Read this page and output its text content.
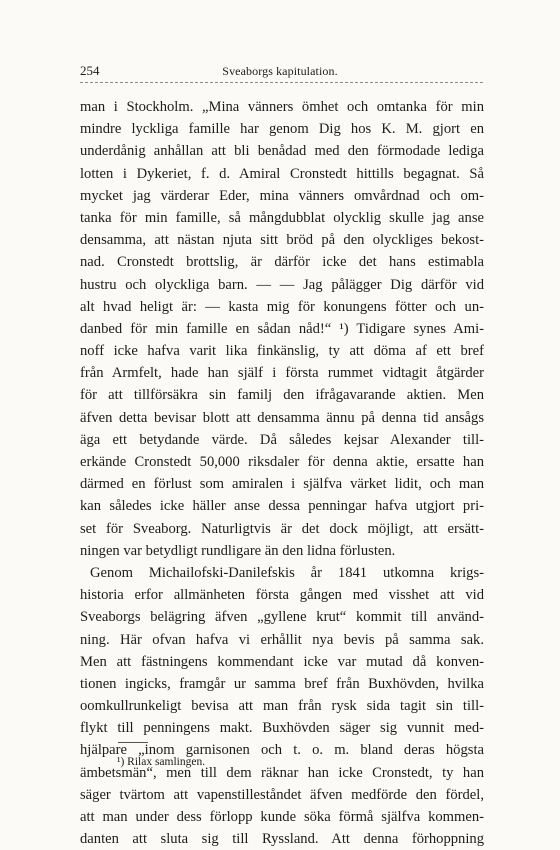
254	Sveaborgs kapitulation.
man i Stockholm. „Mina vänners ömhet och omtanka för min
mindre lyckliga famille har genom Dig hos K. M. gjort en
underdånig anhållan att bli benådad med den förmodade lediga
lotten i Dykeriet, f. d. Amiral Cronstedt hittills begagnat. Så
mycket jag värderar Eder, mina vänners omvårdnad och om-
tanka för min famille, så mångdubblat olycklig skulle jag anse
densamma, att nästan njuta sitt bröd på den olyckliges bekost-
nad. Cronstedt brottslig, är därför icke det hans estimabla
hustru och olyckliga barn. — — Jag pålägger Dig därför vid
alt hvad heligt är: — kasta mig för konungens fötter och un-
danbed för min famille en sådan nåd!“ ¹) Tidigare synes Ami-
noff icke hafva varit lika finkänslig, ty att döma af ett bref
från Armfelt, hade han själf i första rummet vidtagit åtgärder
för att tillförsäkra sin familj den ifrågavarande aktien. Men
äfven detta bevisar blott att densamma ännu på denna tid ansågs
äga ett betydande värde. Då således kejsar Alexander till-
erkände Cronstedt 50,000 riksdaler för denna aktie, ersatte han
därmed en förlust som amiralen i själfva värket lidit, och man
kan således icke häller anse dessa penningar hafva utgjort pri-
set för Sveaborg. Naturligtvis är det dock möjligt, att ersätt-
ningen var betydligt rundligare än den lidna förlusten.
Genom Michailofski-Danilefskis år 1841 utkomna krigs-
historia erfor allmänheten första gången med visshet att vid
Sveaborgs belägring äfven „gyllene krut“ kommit till använd-
ning. Här ofvan hafva vi erhållit nya bevis på samma sak.
Men att fästningens kommendant icke var mutad då konven-
tionen ingicks, framgår ur samma bref från Buxhövden, hvilka
oomkullrunkeligt bevisa att man från rysk sida tagit sin till-
flykt till penningens makt. Buxhövden säger sig vunnit med-
hjälpare „inom garnisonen och t. o. m. bland deras högsta
ämbetsmän“, men till dem räknar han icke Cronstedt, ty han
säger tvärtom att vapenstilleståndet äfven medförde den fördel,
att man under dess förlopp kunde söka förmå själfva kommen-
danten att sluta sig till Ryssland. Att denna förhoppning
¹) Rilax samlingen.
